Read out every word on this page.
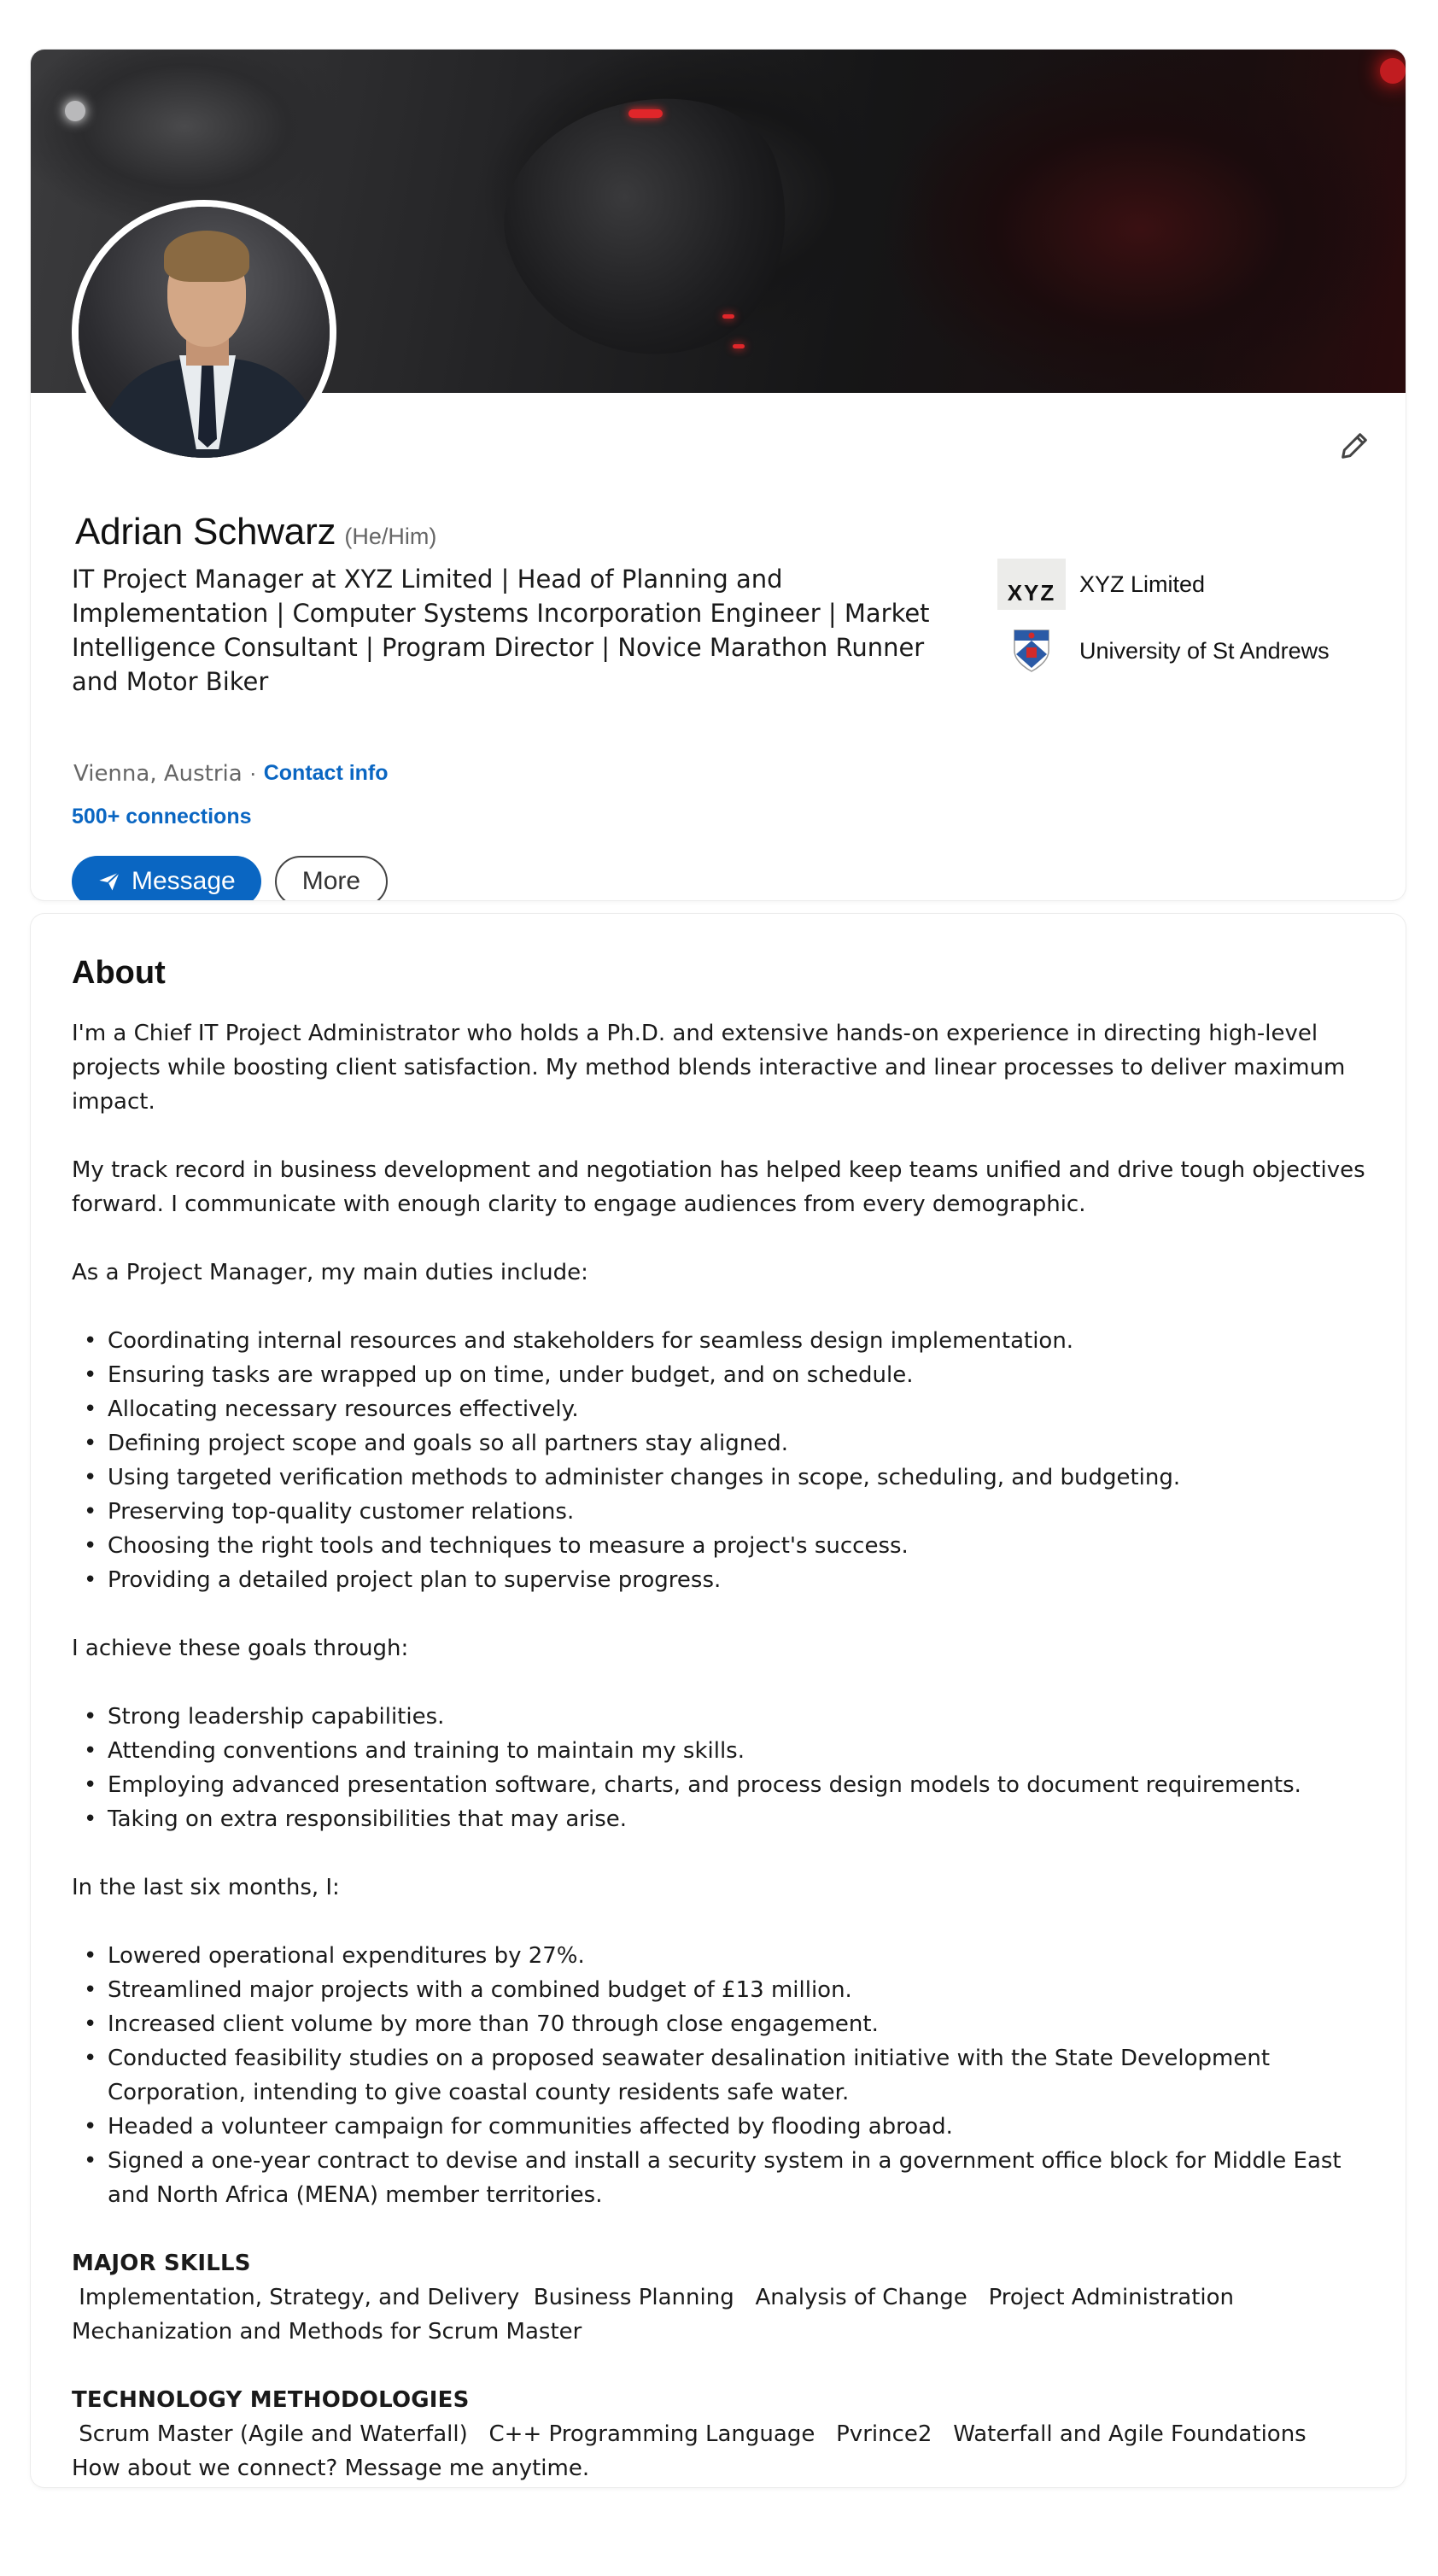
Adrian Schwarz (He/Him)
IT Project Manager at XYZ Limited | Head of Planning and Implementation | Computer Systems Incorporation Engineer | Market Intelligence Consultant | Program Director | Novice Marathon Runner and Motor Biker
Vienna, Austria · Contact info
500+ connections
Message	More
XYZ	XYZ Limited
University of St Andrews
About

I'm a Chief IT Project Administrator who holds a Ph.D. and extensive hands-on experience in directing high-level projects while boosting client satisfaction. My method blends interactive and linear processes to deliver maximum impact.

My track record in business development and negotiation has helped keep teams unified and drive tough objectives forward. I communicate with enough clarity to engage audiences from every demographic.

As a Project Manager, my main duties include:

• Coordinating internal resources and stakeholders for seamless design implementation.
• Ensuring tasks are wrapped up on time, under budget, and on schedule.
• Allocating necessary resources effectively.
• Defining project scope and goals so all partners stay aligned.
• Using targeted verification methods to administer changes in scope, scheduling, and budgeting.
• Preserving top-quality customer relations.
• Choosing the right tools and techniques to measure a project's success.
• Providing a detailed project plan to supervise progress.

I achieve these goals through:

• Strong leadership capabilities.
• Attending conventions and training to maintain my skills.
• Employing advanced presentation software, charts, and process design models to document requirements.
• Taking on extra responsibilities that may arise.

In the last six months, I:

• Lowered operational expenditures by 27%.
• Streamlined major projects with a combined budget of £13 million.
• Increased client volume by more than 70 through close engagement.
• Conducted feasibility studies on a proposed seawater desalination initiative with the State Development Corporation, intending to give coastal county residents safe water.
• Headed a volunteer campaign for communities affected by flooding abroad.
• Signed a one-year contract to devise and install a security system in a government office block for Middle East and North Africa (MENA) member territories.

MAJOR SKILLS

Implementation, Strategy, and Delivery  Business Planning   Analysis of Change   Project Administration   Mechanization and Methods for Scrum Master

TECHNOLOGY METHODOLOGIES

Scrum Master (Agile and Waterfall)   C++ Programming Language   Pvrince2   Waterfall and Agile Foundations

How about we connect? Message me anytime.
